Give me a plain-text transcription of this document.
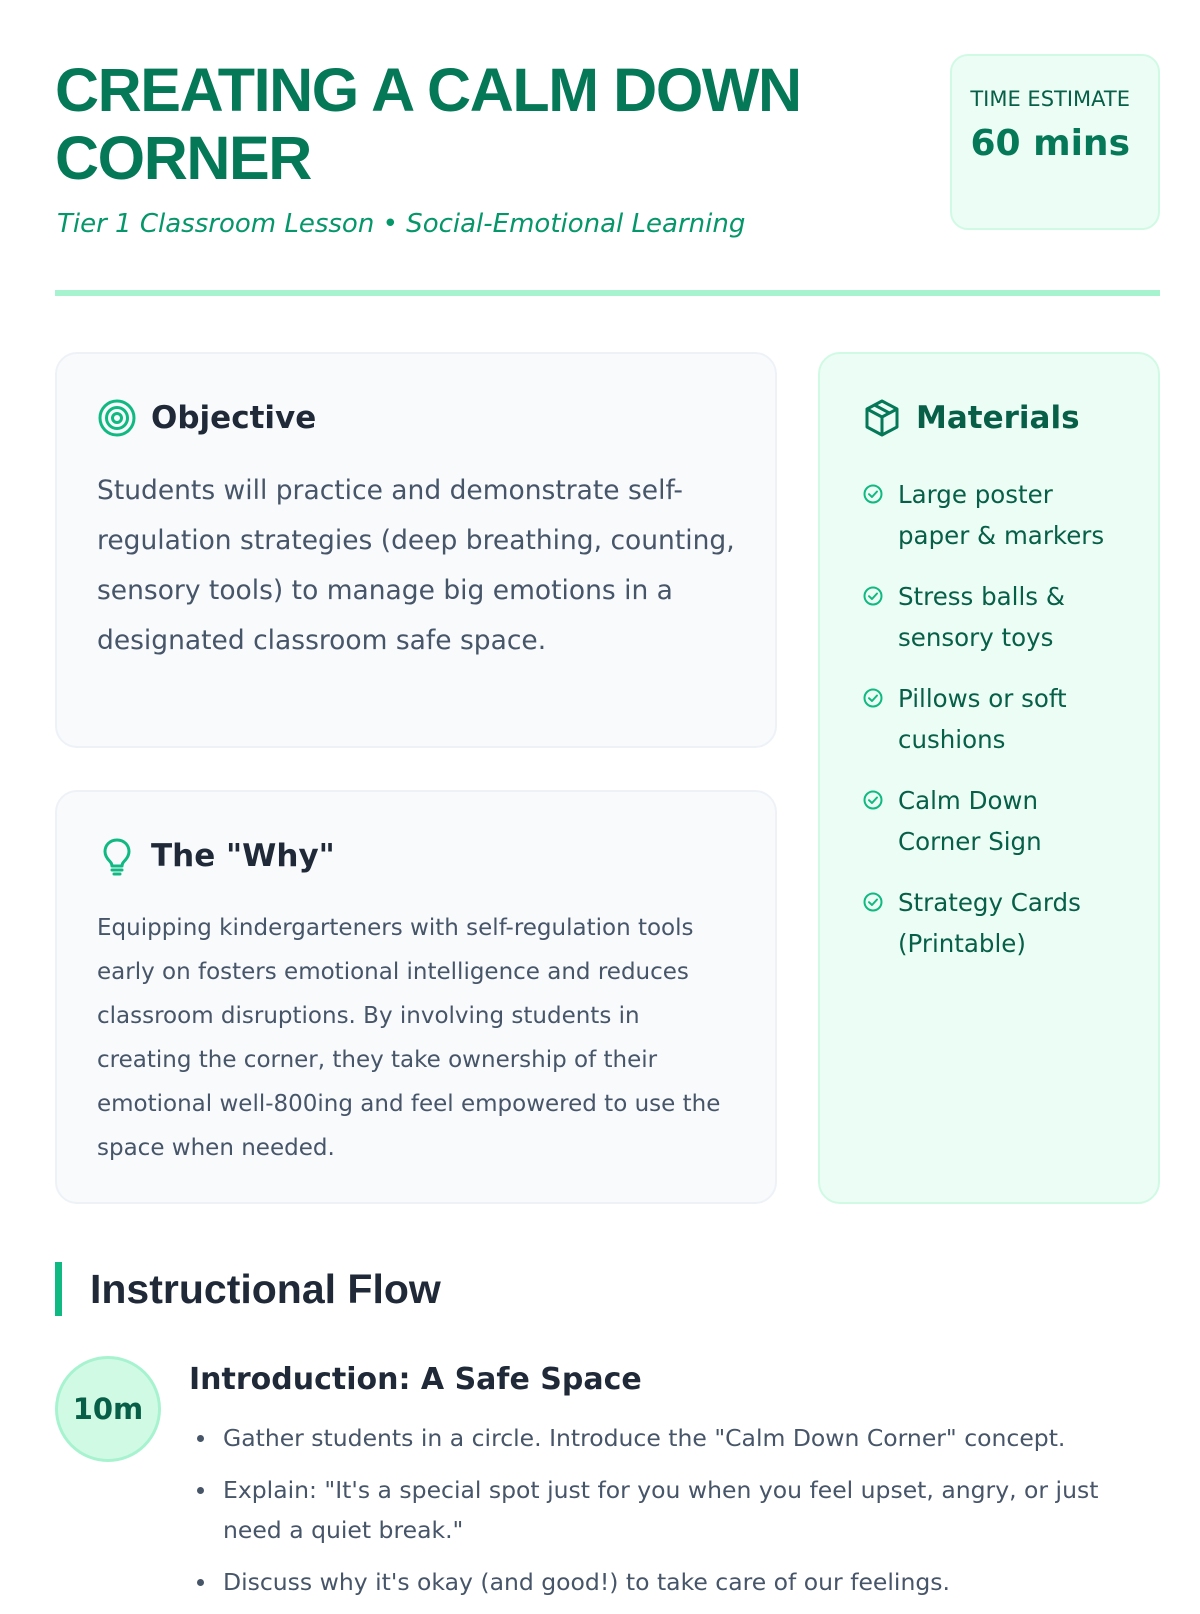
CREATING A CALM DOWN CORNER

Tier 1 Classroom Lesson • Social-Emotional Learning

TIME ESTIMATE
60 mins
Objective

Students will practice and demonstrate self-regulation strategies (deep breathing, counting, sensory tools) to manage big emotions in a designated classroom safe space.

The "Why"

Equipping kindergarteners with self-regulation tools early on fosters emotional intelligence and reduces classroom disruptions. By involving students in creating the corner, they take ownership of their emotional well-800ing and feel empowered to use the space when needed.

Materials
Large poster paper & markers
Stress balls & sensory toys
Pillows or soft cushions
Calm Down Corner Sign
Strategy Cards (Printable)
Instructional Flow
10m
Introduction: A Safe Space
Gather students in a circle. Introduce the "Calm Down Corner" concept.
Explain: "It's a special spot just for you when you feel upset, angry, or just need a quiet break."
Discuss why it's okay (and good!) to take care of our feelings.
